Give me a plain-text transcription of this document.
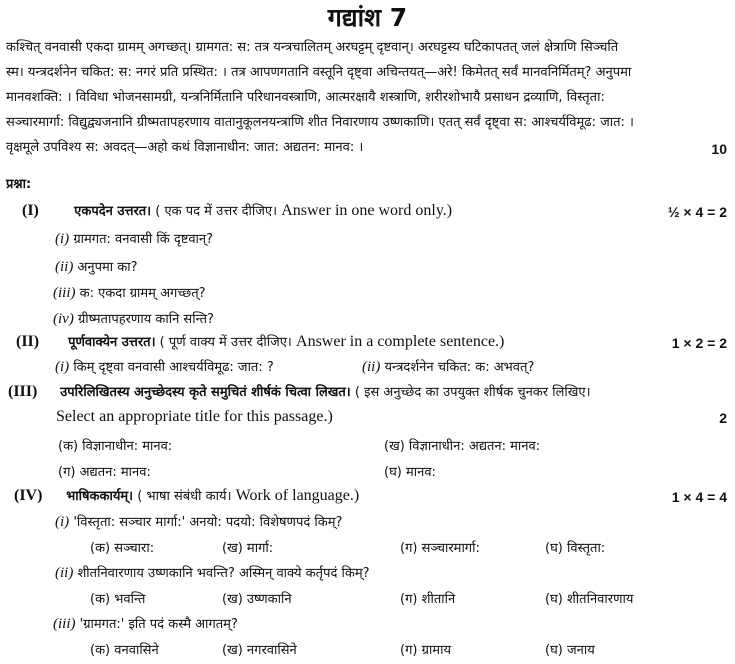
गद्यांश 7
कश्चित् वनवासी एकदा ग्रामम् अगच्छत्। ग्रामगत: स: तत्र यन्त्रचालितम् अरघट्टम् दृष्टवान्। अरघट्टस्य घटिकापतत् जलं क्षेत्राणि सिञ्चति
स्म। यन्त्रदर्शनेन चकित: स: नगरं प्रति प्रस्थित: । तत्र आपणगतानि वस्तूनि दृष्ट्वा अचिन्तयत्—अरे! किमेतत् सर्वं मानवनिर्मितम्? अनुपमा
मानवशक्ति: । विविधा भोजनसामग्री, यन्त्रनिर्मितानि परिधानवस्त्राणि, आत्मरक्षायै शस्त्राणि, शरीरशोभायै प्रसाधन द्रव्याणि, विस्तृता:
सञ्चारमार्गा: विद्युद्व्यजनानि ग्रीष्मतापहरणाय वातानुकूलनयन्त्राणि शीत निवारणाय उष्णकाणि। एतत् सर्वं दृष्ट्वा स: आश्चर्यविमूढ: जात: ।
वृक्षमूले उपविश्य स: अवदत्—अहो कथं विज्ञानाधीन: जात: अद्यतन: मानव: ।	10
प्रश्ना:
(I)	एकपदेन उत्तरत। ( एक पद में उत्तर दीजिए। Answer in one word only.)	½ × 4 = 2
(i) ग्रामगत: वनवासी किं दृष्टवान्?
(ii) अनुपमा का?
(iii) क: एकदा ग्रामम् अगच्छत्?
(iv) ग्रीष्मतापहरणाय कानि सन्ति?
(II) पूर्णवाक्येन उत्तरत। ( पूर्ण वाक्य में उत्तर दीजिए। Answer in a complete sentence.)	1 × 2 = 2
(i) किम् दृष्ट्वा वनवासी आश्चर्यविमूढ: जात: ?	(ii) यन्त्रदर्शनेन चकित: क: अभवत्?
(III) उपरिलिखितस्य अनुच्छेदस्य कृते समुचितं शीर्षकं चित्वा लिखत। ( इस अनुच्छेद का उपयुक्त शीर्षक चुनकर लिखिए।
Select an appropriate title for this passage.)	2
(क) विज्ञानाधीन: मानव:	(ख) विज्ञानाधीन: अद्यतन: मानव:
(ग) अद्यतन: मानव:	(घ) मानव:
(IV) भाषिककार्यम्। ( भाषा संबंधी कार्य। Work of language.)	1 × 4 = 4
(i) 'विस्तृता: सञ्चार मार्गा:' अनयो: पदयो: विशेषणपदं किम्?
(क) सञ्चारा:	(ख) मार्गा:	(ग) सञ्चारमार्गा:	(घ) विस्तृता:
(ii) शीतनिवारणाय उष्णकानि भवन्ति? अस्मिन् वाक्ये कर्तृपदं किम्?
(क) भवन्ति	(ख) उष्णकानि	(ग) शीतानि	(घ) शीतनिवारणाय
(iii) 'ग्रामगत:' इति पदं कस्मै आगतम्?
(क) वनवासिने	(ख) नगरवासिने	(ग) ग्रामाय	(घ) जनाय
